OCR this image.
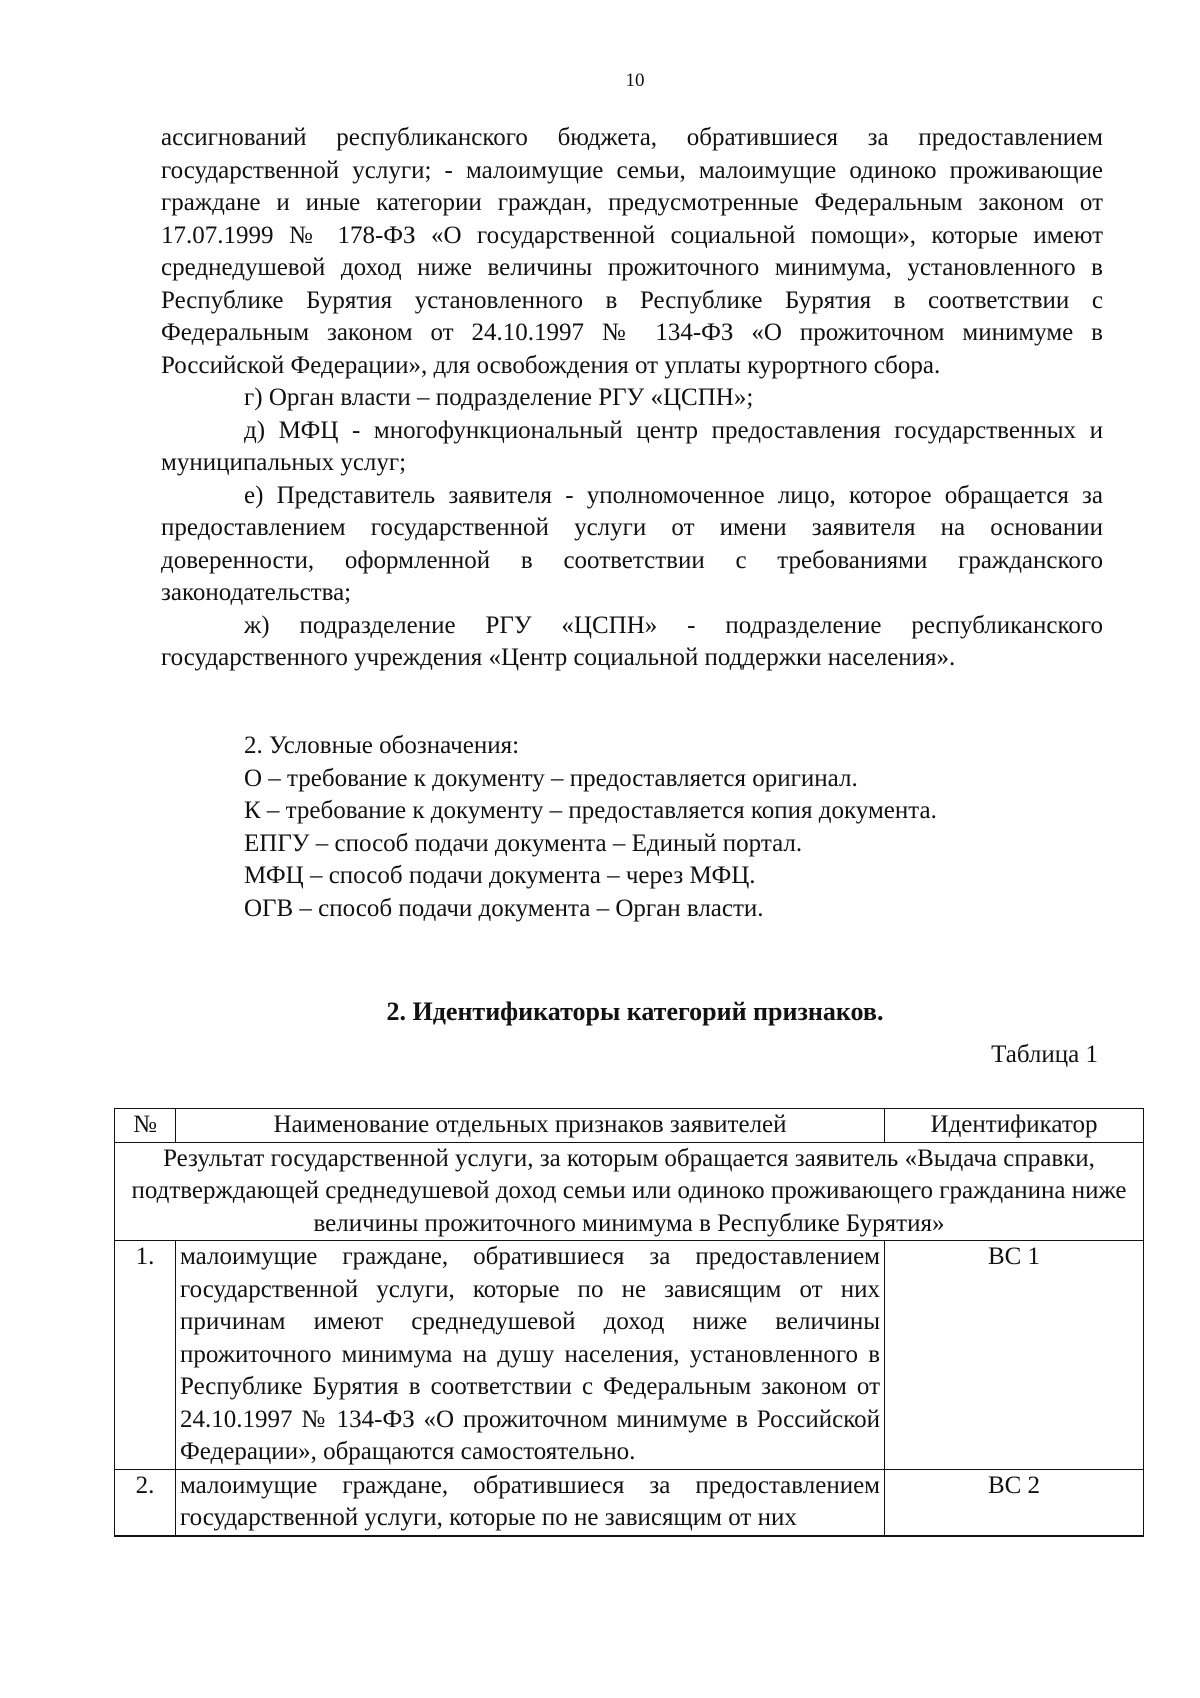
10

ассигнований республиканского бюджета, обратившиеся за предоставлением государственной услуги; - малоимущие семьи, малоимущие одиноко проживающие граждане и иные категории граждан, предусмотренные Федеральным законом от 17.07.1999 № 178-ФЗ «О государственной социальной помощи», которые имеют среднедушевой доход ниже величины прожиточного минимума, установленного в Республике Бурятия установленного в Республике Бурятия в соответствии с Федеральным законом от 24.10.1997 № 134-ФЗ «О прожиточном минимуме в Российской Федерации», для освобождения от уплаты курортного сбора.

г) Орган власти – подразделение РГУ «ЦСПН»;

д) МФЦ - многофункциональный центр предоставления государственных и муниципальных услуг;

е) Представитель заявителя - уполномоченное лицо, которое обращается за предоставлением государственной услуги от имени заявителя на основании доверенности, оформленной в соответствии с требованиями гражданского законодательства;

ж) подразделение РГУ «ЦСПН» - подразделение республиканского государственного учреждения «Центр социальной поддержки населения».

2. Условные обозначения:

О – требование к документу – предоставляется оригинал.

К – требование к документу – предоставляется копия документа.

ЕПГУ – способ подачи документа – Единый портал.

МФЦ – способ подачи документа – через МФЦ.

ОГВ – способ подачи документа – Орган власти.

2. Идентификаторы категорий признаков.
Таблица 1
№	Наименование отдельных признаков заявителей	Идентификатор
Результат государственной услуги, за которым обращается заявитель «Выдача справки, подтверждающей среднедушевой доход семьи или одиноко проживающего гражданина ниже величины прожиточного минимума в Республике Бурятия»		
1.	малоимущие граждане, обратившиеся за предоставлением государственной услуги, которые по не зависящим от них причинам имеют среднедушевой доход ниже величины прожиточного минимума на душу населения, установленного в Республике Бурятия в соответствии с Федеральным законом от 24.10.1997 № 134-ФЗ «О прожиточном минимуме в Российской Федерации», обращаются самостоятельно.	ВС 1
2.	малоимущие граждане, обратившиеся за предоставлением государственной услуги, которые по не зависящим от них	ВС 2
